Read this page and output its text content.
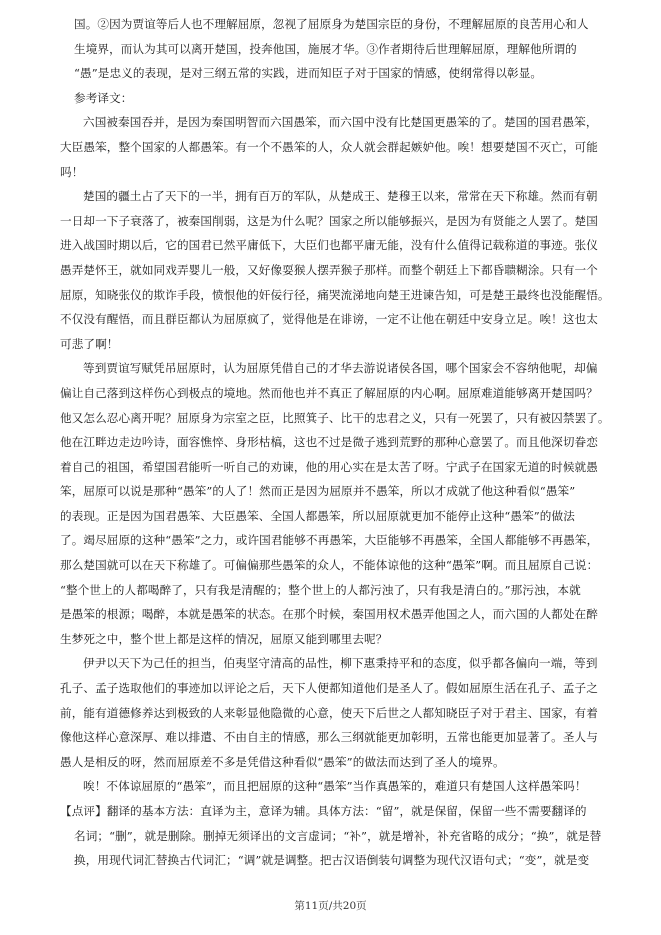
国。②因为贾谊等后人也不理解屈原，忽视了屈原身为楚国宗臣的身份，不理解屈原的良苦用心和人
生境界，而认为其可以离开楚国，投奔他国，施展才华。③作者期待后世理解屈原，理解他所谓的
“愚”是忠义的表现，是对三纲五常的实践，进而知臣子对于国家的情感，使纲常得以彰显。
参考译文：
六国被秦国吞并，是因为秦国明智而六国愚笨，而六国中没有比楚国更愚笨的了。楚国的国君愚笨，
大臣愚笨，整个国家的人都愚笨。有一个不愚笨的人，众人就会群起嫉妒他。唉！想要楚国不灭亡，可能
吗！
楚国的疆土占了天下的一半，拥有百万的军队，从楚成王、楚穆王以来，常常在天下称雄。然而有朝
一日却一下子衰落了，被秦国削弱，这是为什么呢？国家之所以能够振兴，是因为有贤能之人罢了。楚国
进入战国时期以后，它的国君已然平庸低下，大臣们也都平庸无能，没有什么值得记载称道的事迹。张仪
愚弄楚怀王，就如同戏弄婴儿一般，又好像耍猴人摆弄猴子那样。而整个朝廷上下都昏聩糊涂。只有一个
屈原，知晓张仪的欺诈手段，愤恨他的奸佞行径，痛哭流涕地向楚王进谏告知，可是楚王最终也没能醒悟。
不仅没有醒悟，而且群臣都认为屈原疯了，觉得他是在诽谤，一定不让他在朝廷中安身立足。唉！这也太
可悲了啊！
等到贾谊写赋凭吊屈原时，认为屈原凭借自己的才华去游说诸侯各国，哪个国家会不容纳他呢，却偏
偏让自己落到这样伤心到极点的境地。然而他也并不真正了解屈原的内心啊。屈原难道能够离开楚国吗？
他又怎么忍心离开呢？屈原身为宗室之臣，比照箕子、比干的忠君之义，只有一死罢了，只有被囚禁罢了。
他在江畔边走边吟诗，面容憔悴、身形枯槁，这也不过是微子逃到荒野的那种心意罢了。而且他深切眷恋
着自己的祖国，希望国君能听一听自己的劝谏，他的用心实在是太苦了呀。宁武子在国家无道的时候就愚
笨，屈原可以说是那种“愚笨”的人了！然而正是因为屈原并不愚笨，所以才成就了他这种看似“愚笨”
的表现。正是因为国君愚笨、大臣愚笨、全国人都愚笨，所以屈原就更加不能停止这种“愚笨”的做法
了。竭尽屈原的这种“愚笨”之力，或许国君能够不再愚笨，大臣能够不再愚笨，全国人都能够不再愚笨，
那么楚国就可以在天下称雄了。可偏偏那些愚笨的众人，不能体谅他的这种“愚笨”啊。而且屈原自己说：
“整个世上的人都喝醉了，只有我是清醒的；整个世上的人都污浊了，只有我是清白的。”那污浊，本就
是愚笨的根源；喝醉，本就是愚笨的状态。在那个时候，秦国用权术愚弄他国之人，而六国的人都处在醉
生梦死之中，整个世上都是这样的情况，屈原又能到哪里去呢？
伊尹以天下为己任的担当，伯夷坚守清高的品性，柳下惠秉持平和的态度，似乎都各偏向一端，等到
孔子、孟子选取他们的事迹加以评论之后，天下人便都知道他们是圣人了。假如屈原生活在孔子、孟子之
前，能有道德修养达到极致的人来彰显他隐微的心意，使天下后世之人都知晓臣子对于君主、国家，有着
像他这样心意深厚、难以排遣、不由自主的情感，那么三纲就能更加彰明，五常也能更加显著了。圣人与
愚人是相反的呀，然而屈原差不多是凭借这种看似“愚笨”的做法而达到了圣人的境界。
唉！不体谅屈原的“愚笨”，而且把屈原的这种“愚笨”当作真愚笨的，难道只有楚国人这样愚笨吗！
【点评】翻译的基本方法：直译为主，意译为辅。具体方法：“留”，就是保留，保留一些不需要翻译的
名词；“删”，就是删除。删掉无须译出的文言虚词；“补”，就是增补，补充省略的成分；“换”，就是替
换，用现代词汇替换古代词汇；“调”就是调整。把古汉语倒装句调整为现代汉语句式；“变”，就是变
第11页/共20页
